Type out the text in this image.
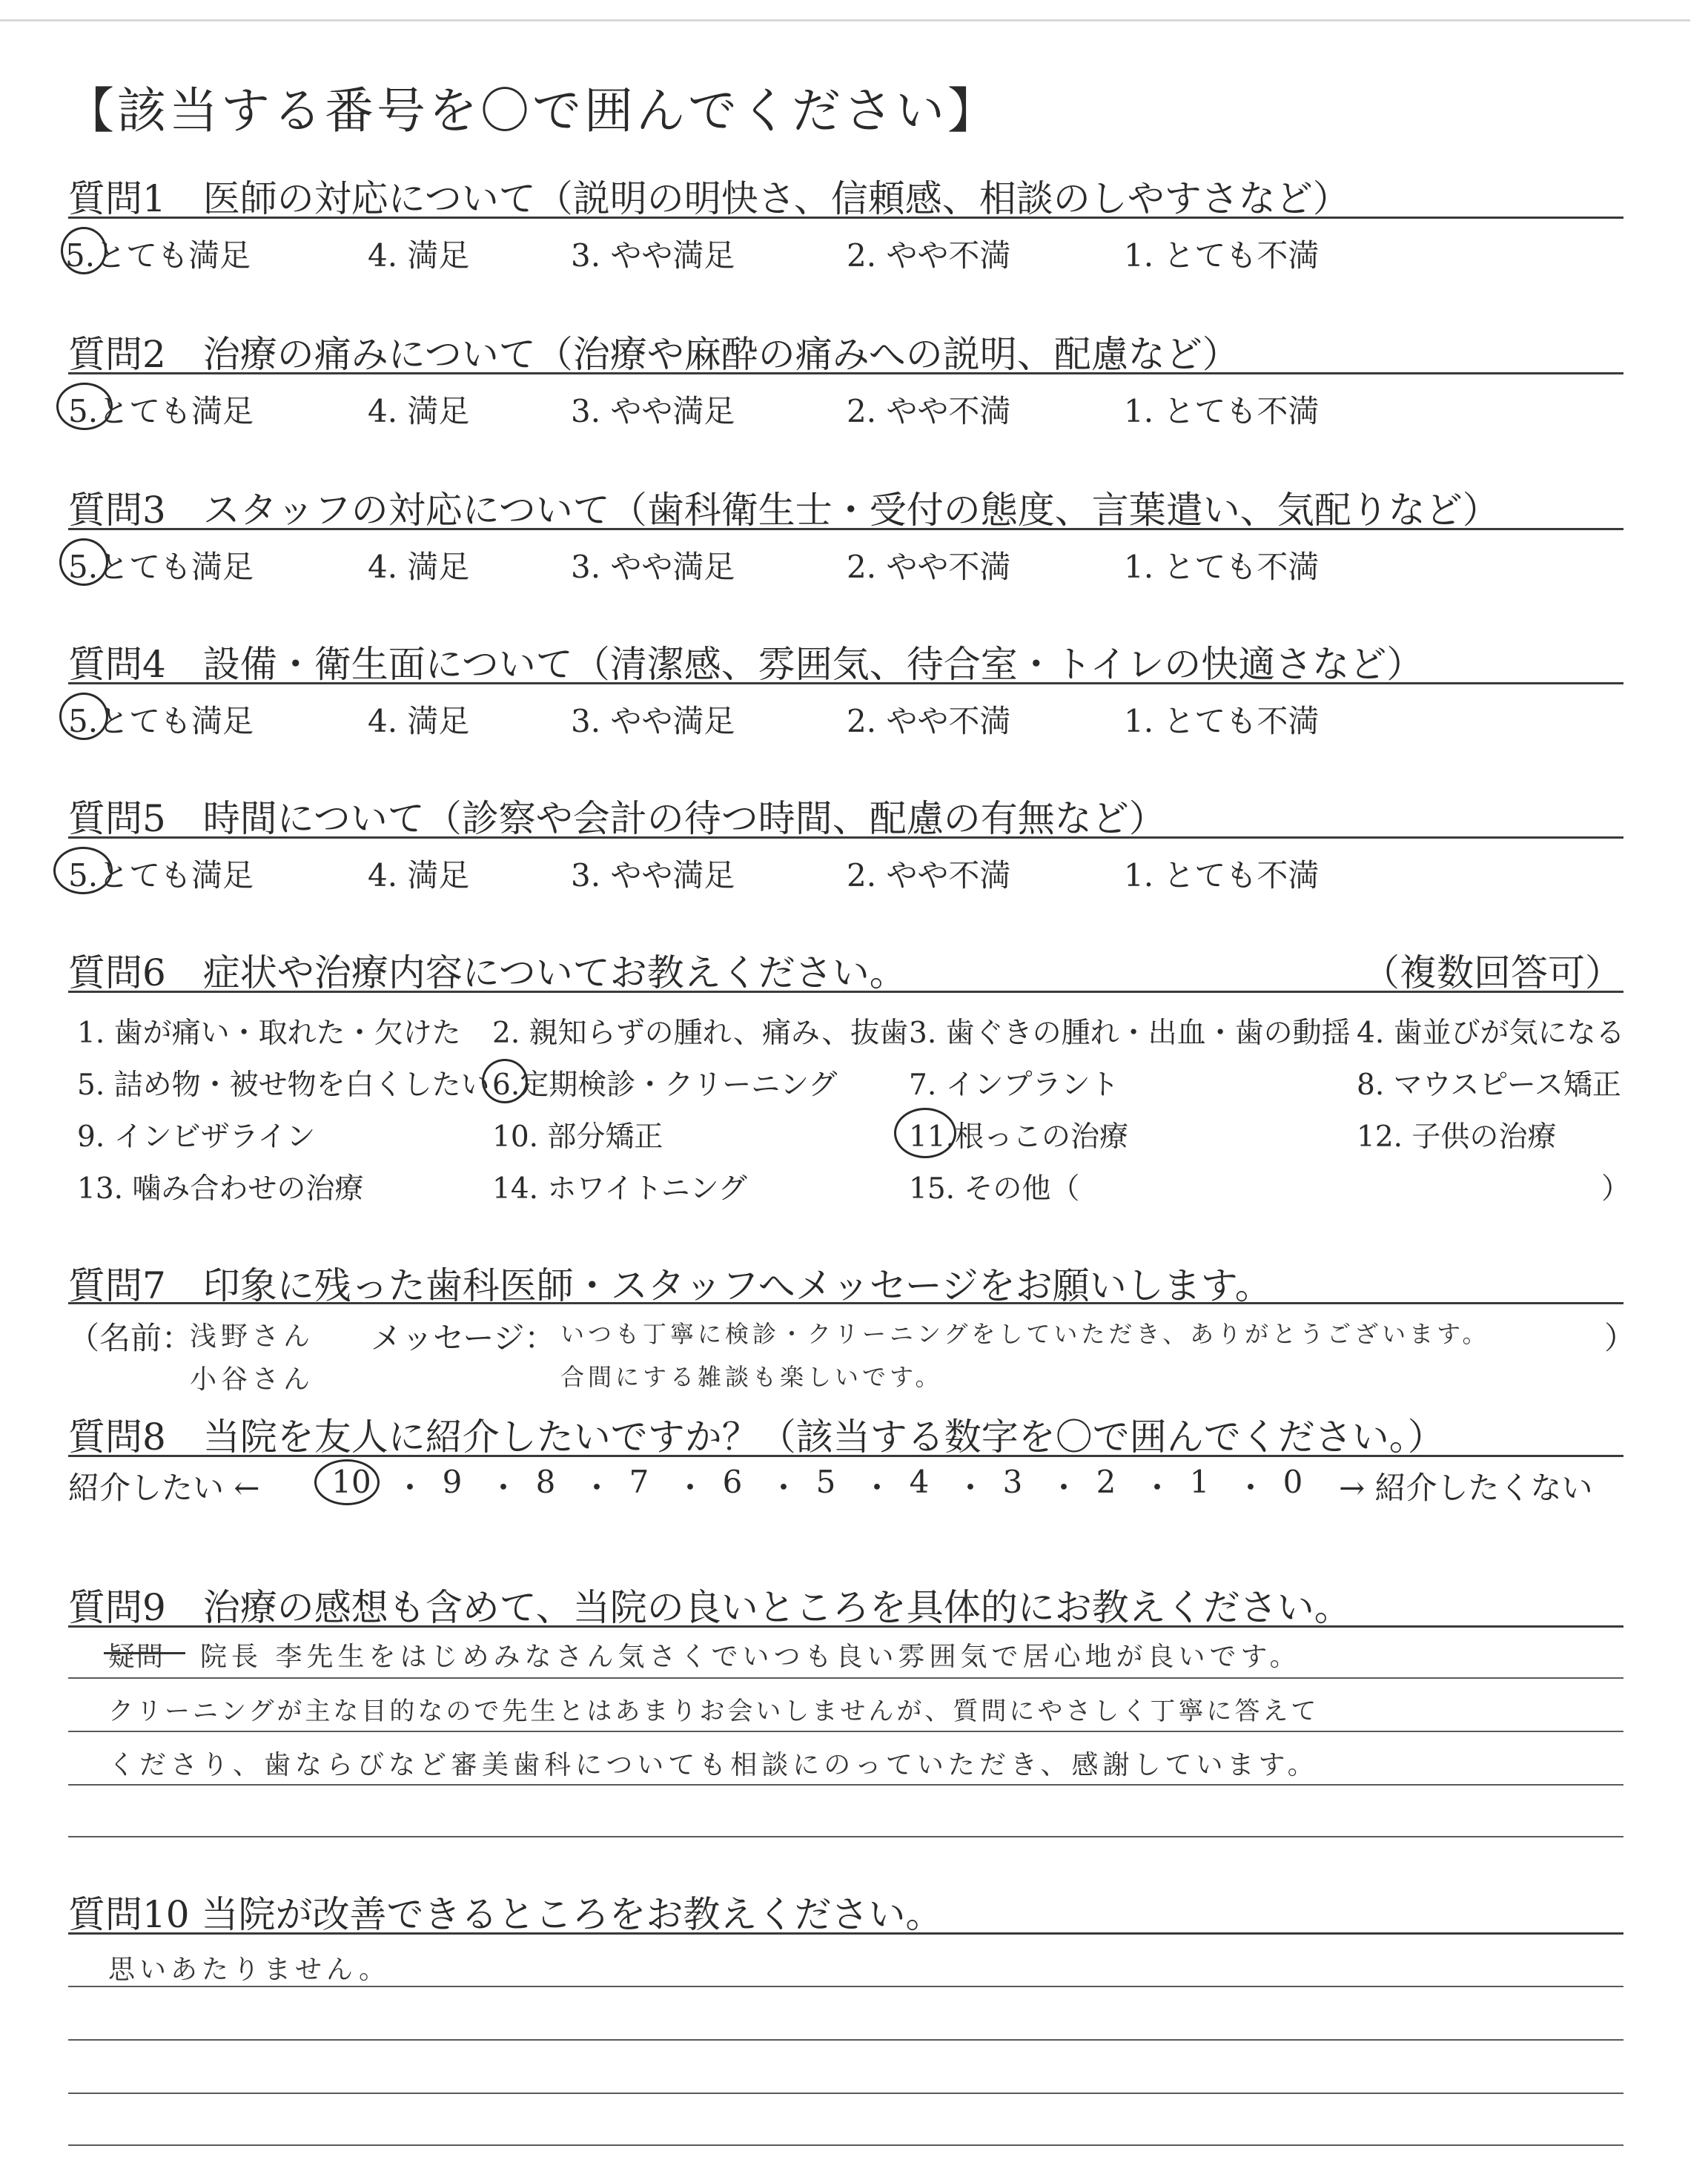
【該当する番号を〇で囲んでください】
質問1　医師の対応について（説明の明快さ、信頼感、相談のしやすさなど）
5.とても満足	4. 満足	3. やや満足	2. やや不満	1. とても不満
質問2　治療の痛みについて（治療や麻酔の痛みへの説明、配慮など）
5.とても満足	4. 満足	3. やや満足	2. やや不満	1. とても不満
質問3　スタッフの対応について（歯科衛生士・受付の態度、言葉遣い、気配りなど）
5.とても満足	4. 満足	3. やや満足	2. やや不満	1. とても不満
質問4　設備・衛生面について（清潔感、雰囲気、待合室・トイレの快適さなど）
5.とても満足	4. 満足	3. やや満足	2. やや不満	1. とても不満
質問5　時間について（診察や会計の待つ時間、配慮の有無など）
5.とても満足	4. 満足	3. やや満足	2. やや不満	1. とても不満
質問6　症状や治療内容についてお教えください。	（複数回答可）
1. 歯が痛い・取れた・欠けた 2. 親知らずの腫れ、痛み、抜歯 3. 歯ぐきの腫れ・出血・歯の動揺 4. 歯並びが気になる
5. 詰め物・被せ物を白くしたい 6.定期検診・クリーニング 7. インプラント	8. マウスピース矯正
9. インビザライン	10. 部分矯正	11.根っこの治療	12. 子供の治療
13. 噛み合わせの治療	14. ホワイトニング	15. その他（	）
質問7　印象に残った歯科医師・スタッフへメッセージをお願いします。
（名前：
浅野さん
小谷さん
メッセージ： いつも丁寧に検診・クリーニングをしていただき、ありがとうございます。
合間にする雑談も楽しいです。
）
質問8　当院を友人に紹介したいですか？（該当する数字を〇で囲んでください。）
紹介したい ← 10 ・ 9 ・ 8 ・ 7 ・ 6 ・ 5 ・ 4 ・ 3 ・ 2 ・ 1 ・ 0 → 紹介したくない
質問9　治療の感想も含めて、当院の良いところを具体的にお教えください。
疑問 院長 李先生をはじめみなさん気さくでいつも良い雰囲気で居心地が良いです。
クリーニングが主な目的なので先生とはあまりお会いしませんが、質問にやさしく丁寧に答えて
くださり、歯ならびなど審美歯科についても相談にのっていただき、感謝しています。
質問10 当院が改善できるところをお教えください。
思いあたりません。
